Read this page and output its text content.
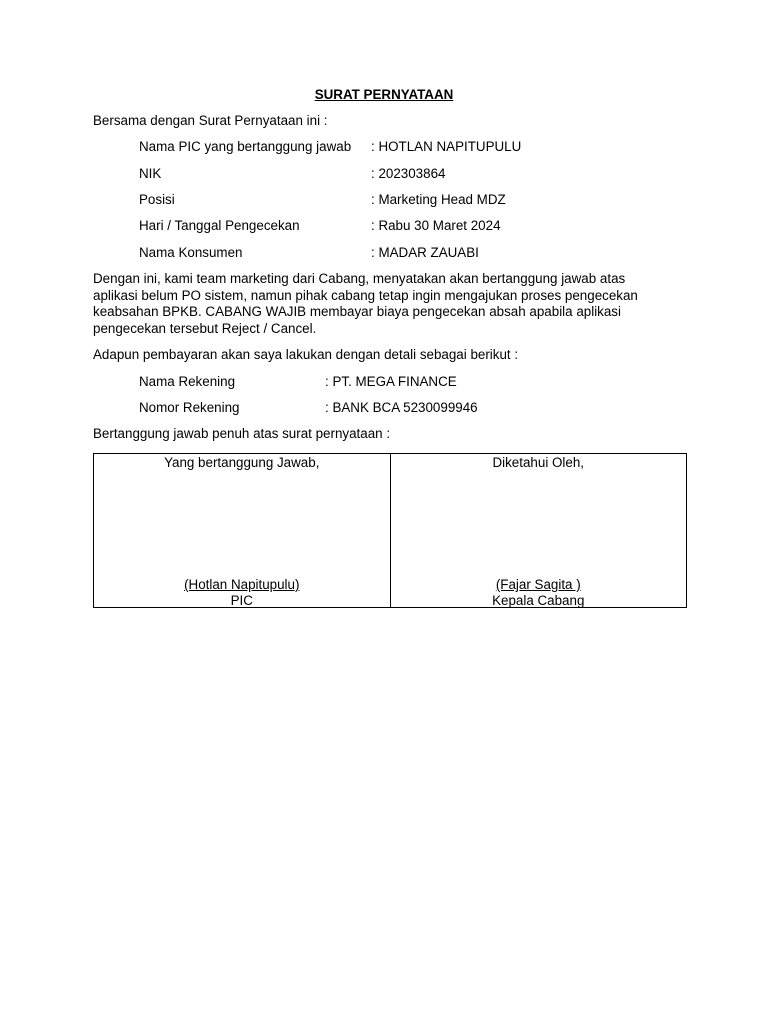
SURAT PERNYATAAN
Bersama dengan Surat Pernyataan ini :
Nama PIC yang bertanggung jawab : HOTLAN NAPITUPULU
NIK	: 202303864
Posisi	: Marketing Head MDZ
Hari / Tanggal Pengecekan	: Rabu 30 Maret 2024
Nama Konsumen	: MADAR ZAUABI
Dengan ini, kami team marketing dari Cabang, menyatakan akan bertanggung jawab atas
aplikasi belum PO sistem, namun pihak cabang tetap ingin mengajukan proses pengecekan
keabsahan BPKB. CABANG WAJIB membayar biaya pengecekan absah apabila aplikasi
pengecekan tersebut Reject / Cancel.
Adapun pembayaran akan saya lakukan dengan detali sebagai berikut :
Nama Rekening	: PT. MEGA FINANCE
Nomor Rekening	: BANK BCA 5230099946
Bertanggung jawab penuh atas surat pernyataan :
Yang bertanggung Jawab,
(Hotlan Napitupulu)
PIC

Diketahui Oleh,
(Fajar Sagita )
Kepala Cabang
